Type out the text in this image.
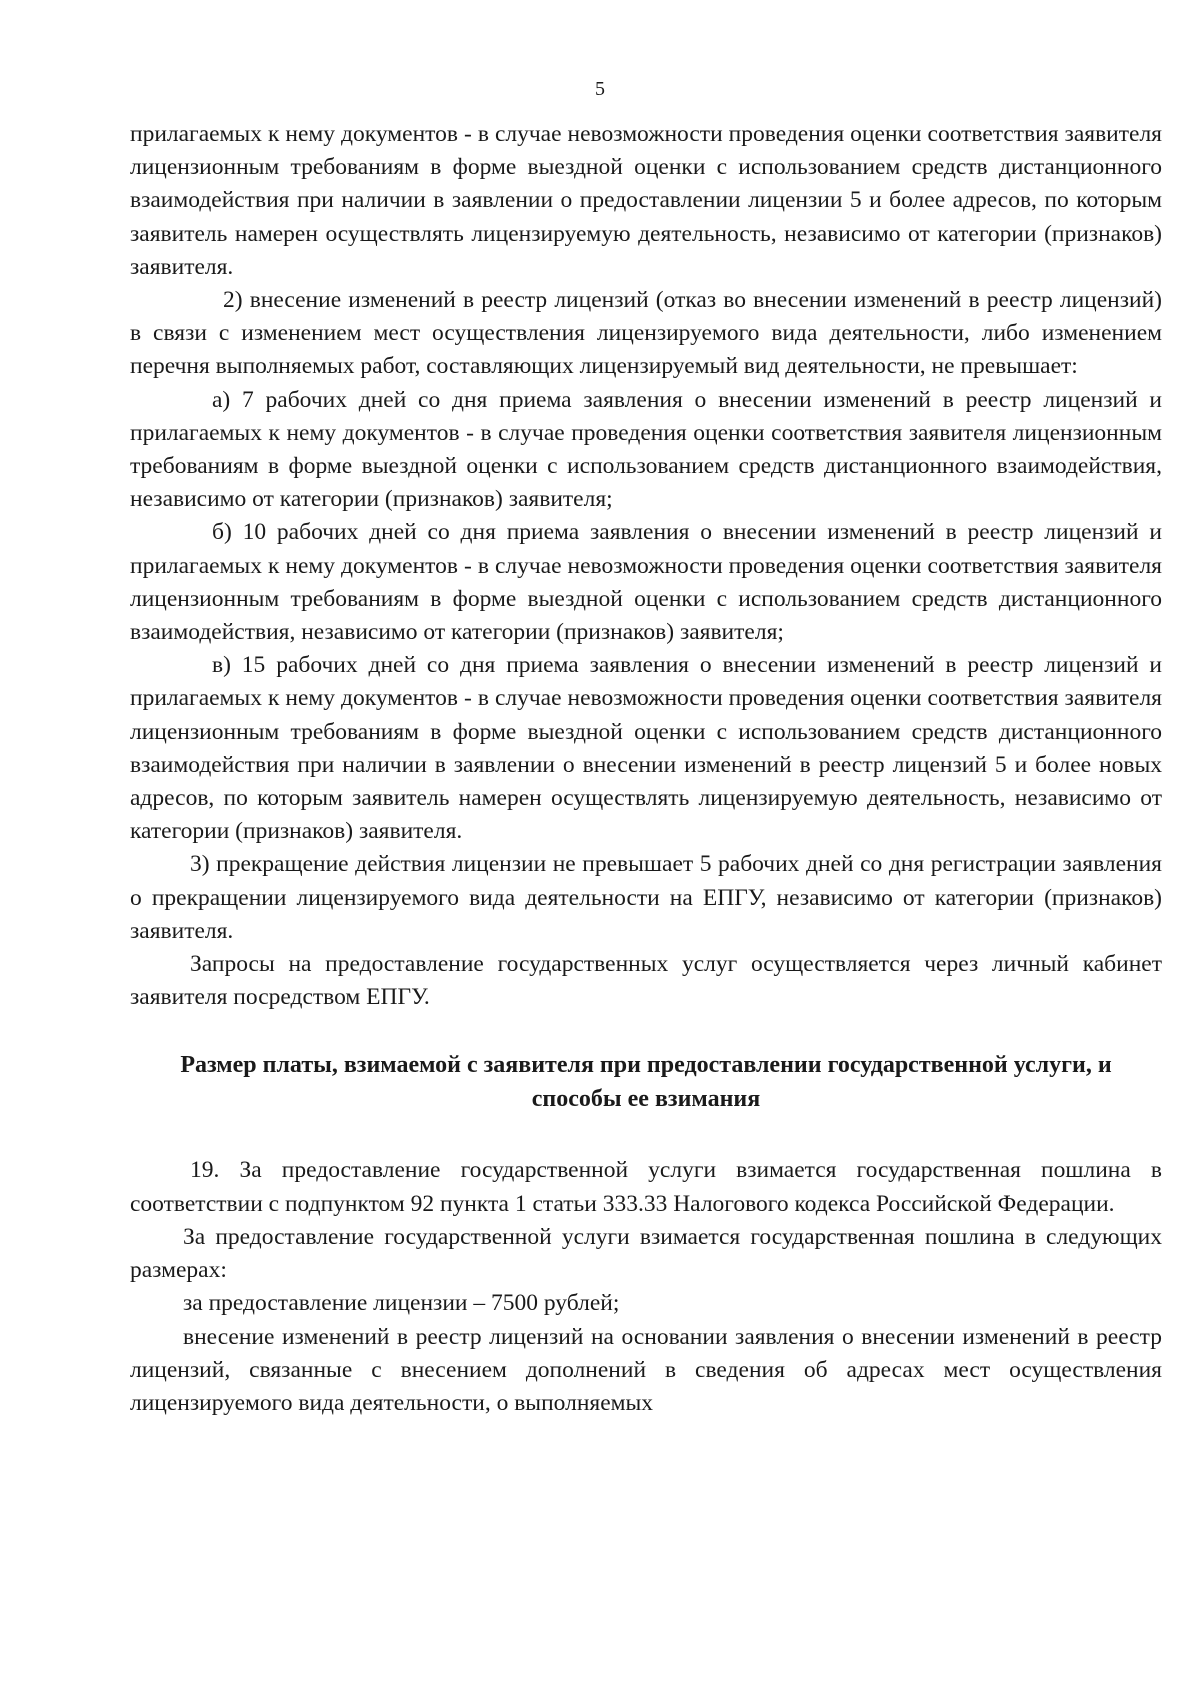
5

прилагаемых к нему документов - в случае невозможности проведения оценки соответствия заявителя лицензионным требованиям в форме выездной оценки с использованием средств дистанционного взаимодействия при наличии в заявлении о предоставлении лицензии 5 и более адресов, по которым заявитель намерен осуществлять лицензируемую деятельность, независимо от категории (признаков) заявителя.

2) внесение изменений в реестр лицензий (отказ во внесении изменений в реестр лицензий) в связи с изменением мест осуществления лицензируемого вида деятельности, либо изменением перечня выполняемых работ, составляющих лицензируемый вид деятельности, не превышает:

а) 7 рабочих дней со дня приема заявления о внесении изменений в реестр лицензий и прилагаемых к нему документов - в случае проведения оценки соответствия заявителя лицензионным требованиям в форме выездной оценки с использованием средств дистанционного взаимодействия, независимо от категории (признаков) заявителя;

б) 10 рабочих дней со дня приема заявления о внесении изменений в реестр лицензий и прилагаемых к нему документов - в случае невозможности проведения оценки соответствия заявителя лицензионным требованиям в форме выездной оценки с использованием средств дистанционного взаимодействия, независимо от категории (признаков) заявителя;

в) 15 рабочих дней со дня приема заявления о внесении изменений в реестр лицензий и прилагаемых к нему документов - в случае невозможности проведения оценки соответствия заявителя лицензионным требованиям в форме выездной оценки с использованием средств дистанционного взаимодействия при наличии в заявлении о внесении изменений в реестр лицензий 5 и более новых адресов, по которым заявитель намерен осуществлять лицензируемую деятельность, независимо от категории (признаков) заявителя.

3) прекращение действия лицензии не превышает 5 рабочих дней со дня регистрации заявления о прекращении лицензируемого вида деятельности на ЕПГУ, независимо от категории (признаков) заявителя.

Запросы на предоставление государственных услуг осуществляется через личный кабинет заявителя посредством ЕПГУ.

Размер платы, взимаемой с заявителя при предоставлении государственной услуги, и способы ее взимания

19. За предоставление государственной услуги взимается государственная пошлина в соответствии с подпунктом 92 пункта 1 статьи 333.33 Налогового кодекса Российской Федерации.

За предоставление государственной услуги взимается государственная пошлина в следующих размерах:

за предоставление лицензии – 7500 рублей;

внесение изменений в реестр лицензий на основании заявления о внесении изменений в реестр лицензий, связанные с внесением дополнений в сведения об адресах мест осуществления лицензируемого вида деятельности, о выполняемых
